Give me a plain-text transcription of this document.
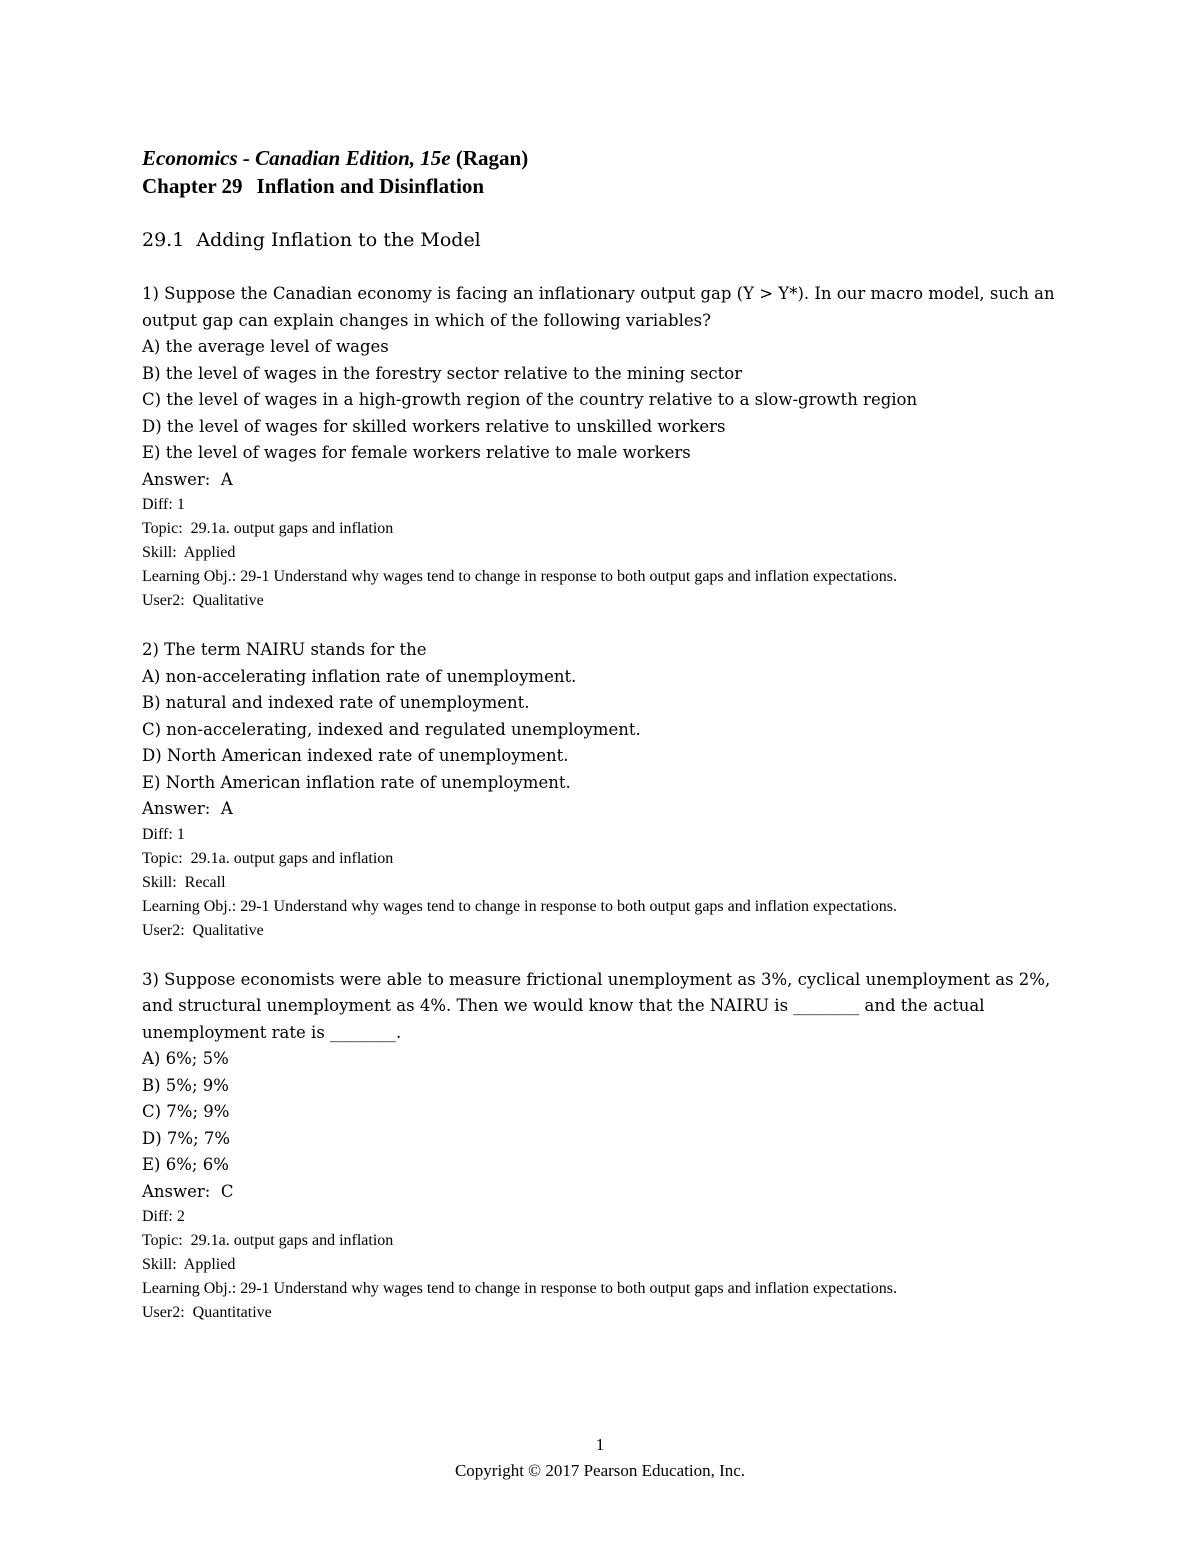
Economics - Canadian Edition, 15e (Ragan)
Chapter 29 Inflation and Disinflation
29.1  Adding Inflation to the Model
1) Suppose the Canadian economy is facing an inflationary output gap (Y > Y*). In our macro model, such an output gap can explain changes in which of the following variables?
A) the average level of wages
B) the level of wages in the forestry sector relative to the mining sector
C) the level of wages in a high-growth region of the country relative to a slow-growth region
D) the level of wages for skilled workers relative to unskilled workers
E) the level of wages for female workers relative to male workers
Answer:  A
Diff: 1
Topic:  29.1a. output gaps and inflation
Skill:  Applied
Learning Obj.: 29-1 Understand why wages tend to change in response to both output gaps and inflation expectations.
User2:  Qualitative
2) The term NAIRU stands for the
A) non-accelerating inflation rate of unemployment.
B) natural and indexed rate of unemployment.
C) non-accelerating, indexed and regulated unemployment.
D) North American indexed rate of unemployment.
E) North American inflation rate of unemployment.
Answer:  A
Diff: 1
Topic:  29.1a. output gaps and inflation
Skill:  Recall
Learning Obj.: 29-1 Understand why wages tend to change in response to both output gaps and inflation expectations.
User2:  Qualitative
3) Suppose economists were able to measure frictional unemployment as 3%, cyclical unemployment as 2%, and structural unemployment as 4%. Then we would know that the NAIRU is ________ and the actual unemployment rate is ________.
A) 6%; 5%
B) 5%; 9%
C) 7%; 9%
D) 7%; 7%
E) 6%; 6%
Answer:  C
Diff: 2
Topic:  29.1a. output gaps and inflation
Skill:  Applied
Learning Obj.: 29-1 Understand why wages tend to change in response to both output gaps and inflation expectations.
User2:  Quantitative
1
Copyright © 2017 Pearson Education, Inc.
